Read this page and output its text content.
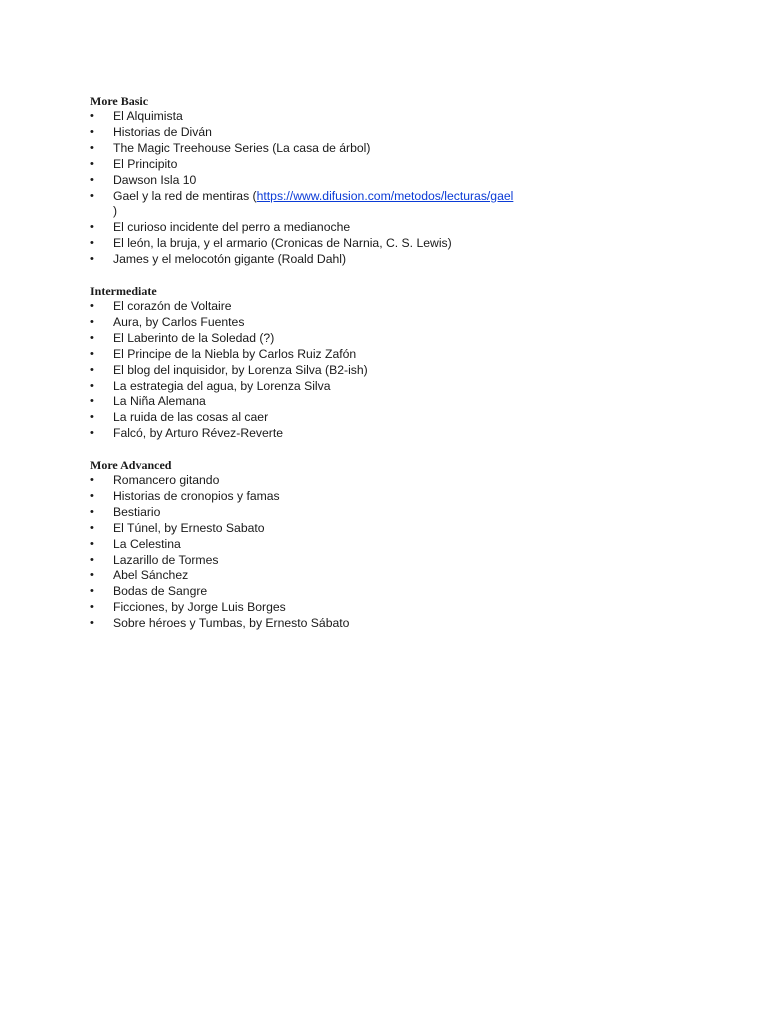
More Basic
•	El Alquimista
•	Historias de Diván
•	The Magic Treehouse Series (La casa de árbol)
•	El Principito
•	Dawson Isla 10
•	Gael y la red de mentiras (https://www.difusion.com/metodos/lecturas/gael
)
•	El curioso incidente del perro a medianoche
•	El león, la bruja, y el armario (Cronicas de Narnia, C. S. Lewis)
•	James y el melocotón gigante (Roald Dahl)
Intermediate
•	El corazón de Voltaire
•	Aura, by Carlos Fuentes
•	El Laberinto de la Soledad (?)
•	El Principe de la Niebla by Carlos Ruiz Zafón
•	El blog del inquisidor, by Lorenza Silva (B2-ish)
•	La estrategia del agua, by Lorenza Silva
•	La Niña Alemana
•	La ruida de las cosas al caer
•	Falcó, by Arturo Révez-Reverte
More Advanced
•	Romancero gitando
•	Historias de cronopios y famas
•	Bestiario
•	El Túnel, by Ernesto Sabato
•	La Celestina
•	Lazarillo de Tormes
•	Abel Sánchez
•	Bodas de Sangre
•	Ficciones, by Jorge Luis Borges
•	Sobre héroes y Tumbas, by Ernesto Sábato
